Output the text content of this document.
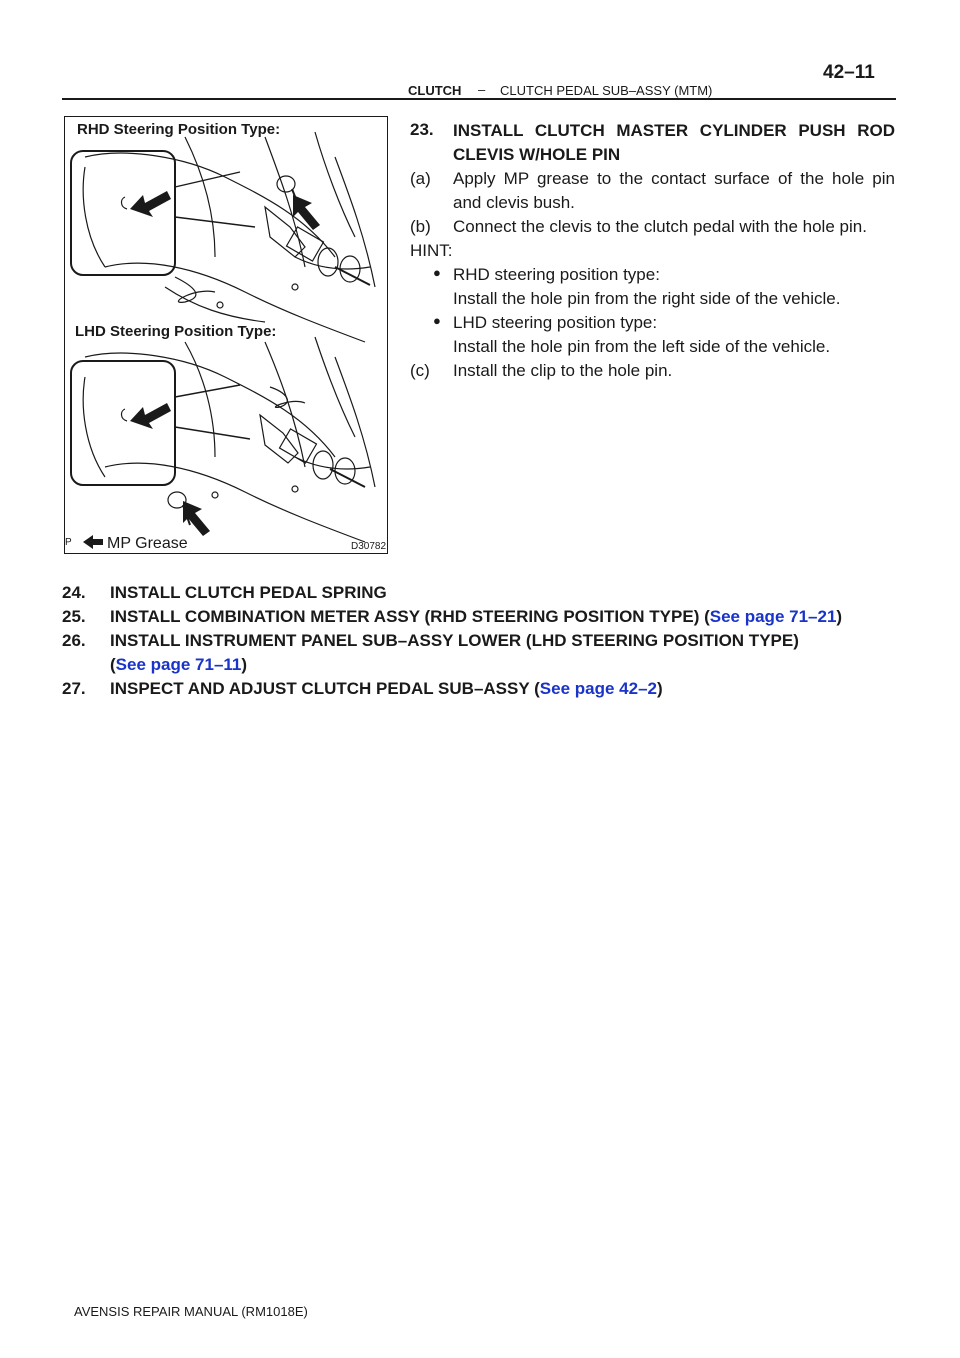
CLUTCH – CLUTCH PEDAL SUB–ASSY (MTM)
42–11
RHD Steering Position Type:
LHD Steering Position Type:
P MP Grease	D30782
23. INSTALL CLUTCH MASTER CYLINDER PUSH ROD
CLEVIS W/HOLE PIN
(a) Apply MP grease to the contact surface of the hole pin
and clevis bush.
(b) Connect the clevis to the clutch pedal with the hole pin.
HINT:
● RHD steering position type:
Install the hole pin from the right side of the vehicle.
● LHD steering position type:
Install the hole pin from the left side of the vehicle.
(c) Install the clip to the hole pin.
24. INSTALL CLUTCH PEDAL SPRING
25. INSTALL COMBINATION METER ASSY (RHD STEERING POSITION TYPE) (See page 71–21)
26. INSTALL INSTRUMENT PANEL SUB–ASSY LOWER (LHD STEERING POSITION TYPE)
(See page 71–11)
27. INSPECT AND ADJUST CLUTCH PEDAL SUB–ASSY (See page 42–2)
AVENSIS REPAIR MANUAL (RM1018E)
